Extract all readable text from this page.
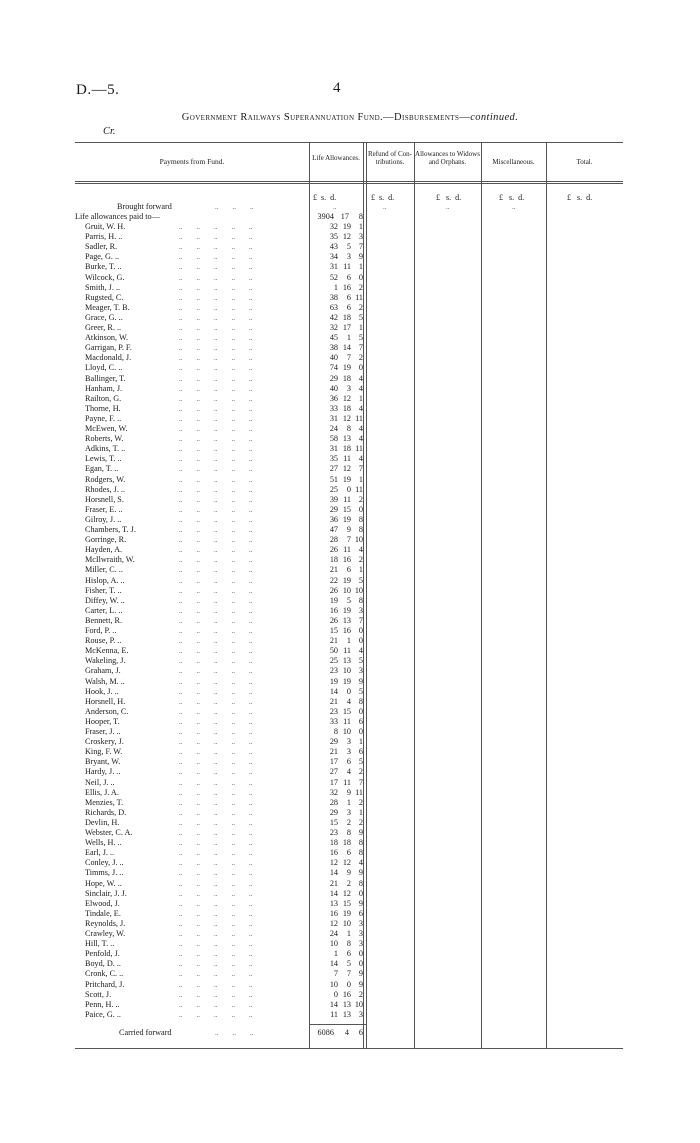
D.—5.	4
Government Railways Superannuation Fund.—Disbursements—continued.
Cr.
Payments from Fund.	Life Allowances.	Refund of Con- tributions.
Allowances to Widows and Orphans.	Miscellaneous.	Total.
£ s. d.	£ s. d.	£ s. d.	£ s. d.	£ s. d.
Brought forward	..        ..        ..	..	..	..	..
Life allowances paid to—	3904 17 8
Gruit, W. H.	..        ..        ..        ..        ..	32 19 1
Parris, H. ..	..        ..        ..        ..        ..	35 12 3
Sadler, R.	..        ..        ..        ..        ..	43 5 7
Page, G. ..	..        ..        ..        ..        ..	34 3 9
Burke, T. ..	..        ..        ..        ..        ..	31 11 1
Wilcock, G.	..        ..        ..        ..        ..	52 6 0
Smith, J. ..	..        ..        ..        ..        ..	1 16 2
Rugsted, C.	..        ..        ..        ..        ..	38 6 11
Meager, T. B.	..        ..        ..        ..        ..	63 6 2
Grace, G. ..	..        ..        ..        ..        ..	42 18 5
Greer, R. ..	..        ..        ..        ..        ..	32 17 1
Atkinson, W.	..        ..        ..        ..        ..	45 1 5
Garrigan, P. F.	..        ..        ..        ..        ..	38 14 7
Macdonald, J.	..        ..        ..        ..        ..	40 7 2
Lloyd, C. ..	..        ..        ..        ..        ..	74 19 0
Ballinger, T.	..        ..        ..        ..        ..	29 18 4
Hanham, J.	..        ..        ..        ..        ..	40 3 4
Railton, G.	..        ..        ..        ..        ..	36 12 1
Thorne, H.	..        ..        ..        ..        ..	33 18 4
Payne, F. ..	..        ..        ..        ..        ..	31 12 11
McEwen, W.	..        ..        ..        ..        ..	24 8 4
Roberts, W.	..        ..        ..        ..        ..	58 13 4
Adkins, T. ..	..        ..        ..        ..        ..	31 18 11
Lewis, T. ..	..        ..        ..        ..        ..	35 11 4
Egan, T. ..	..        ..        ..        ..        ..	27 12 7
Rodgers, W.	..        ..        ..        ..        ..	51 19 1
Rhodes, J. ..	..        ..        ..        ..        ..	25 0 11
Horsnell, S.	..        ..        ..        ..        ..	39 11 2
Fraser, E. ..	..        ..        ..        ..        ..	29 15 0
Gilroy, J. ..	..        ..        ..        ..        ..	36 19 8
Chambers, T. J.	..        ..        ..        ..        ..	47 9 8
Gorringe, R.	..        ..        ..        ..        ..	28 7 10
Hayden, A.	..        ..        ..        ..        ..	26 11 4
McIlwraith, W.	..        ..        ..        ..        ..	18 16 2
Miller, C. ..	..        ..        ..        ..        ..	21 6 1
Hislop, A. ..	..        ..        ..        ..        ..	22 19 5
Fisher, T. ..	..        ..        ..        ..        ..	26 10 10
Diffey, W. ..	..        ..        ..        ..        ..	19 5 8
Carter, L. ..	..        ..        ..        ..        ..	16 19 3
Bennett, R.	..        ..        ..        ..        ..	26 13 7
Ford, P. ..	..        ..        ..        ..        ..	15 16 0
Rouse, P. ..	..        ..        ..        ..        ..	21 1 0
McKenna, E.	..        ..        ..        ..        ..	50 11 4
Wakeling, J.	..        ..        ..        ..        ..	25 13 5
Graham, J.	..        ..        ..        ..        ..	23 10 3
Walsh, M. ..	..        ..        ..        ..        ..	19 19 9
Hook, J. ..	..        ..        ..        ..        ..	14 0 5
Horsnell, H.	..        ..        ..        ..        ..	21 4 8
Anderson, C.	..        ..        ..        ..        ..	23 15 0
Hooper, T.	..        ..        ..        ..        ..	33 11 6
Fraser, J. ..	..        ..        ..        ..        ..	8 10 0
Croskery, J.	..        ..        ..        ..        ..	29 3 1
King, F. W.	..        ..        ..        ..        ..	21 3 6
Bryant, W.	..        ..        ..        ..        ..	17 6 5
Hardy, J. ..	..        ..        ..        ..        ..	27 4 2
Neil, J. ..	..        ..        ..        ..        ..	17 11 7
Ellis, J. A.	..        ..        ..        ..        ..	32 9 11
Menzies, T.	..        ..        ..        ..        ..	28 1 2
Richards, D.	..        ..        ..        ..        ..	29 3 1
Devlin, H.	..        ..        ..        ..        ..	15 2 2
Webster, C. A.	..        ..        ..        ..        ..	23 8 9
Wells, H. ..	..        ..        ..        ..        ..	18 18 8
Earl, J. ..	..        ..        ..        ..        ..	16 6 8
Conley, J. ..	..        ..        ..        ..        ..	12 12 4
Timms, J. ..	..        ..        ..        ..        ..	14 9 9
Hope, W. ..	..        ..        ..        ..        ..	21 2 8
Sinclair, J. J.	..        ..        ..        ..        ..	14 12 0
Elwood, J.	..        ..        ..        ..        ..	13 15 9
Tindale, E.	..        ..        ..        ..        ..	16 19 6
Reynolds, J.	..        ..        ..        ..        ..	12 10 3
Crawley, W.	..        ..        ..        ..        ..	24 1 3
Hill, T. ..	..        ..        ..        ..        ..	10 8 3
Penfold, J.	..        ..        ..        ..        ..	1 6 0
Boyd, D. ..	..        ..        ..        ..        ..	14 5 0
Cronk, C. ..	..        ..        ..        ..        ..	7 7 9
Pritchard, J.	..        ..        ..        ..        ..	10 0 9
Scott, J.	..        ..        ..        ..        ..	0 16 2
Penn, H. ..	..        ..        ..        ..        ..	14 13 10
Paice, G. ..	..        ..        ..        ..        ..	11 13 3
Carried forward	..        ..        ..	6086 4 6
